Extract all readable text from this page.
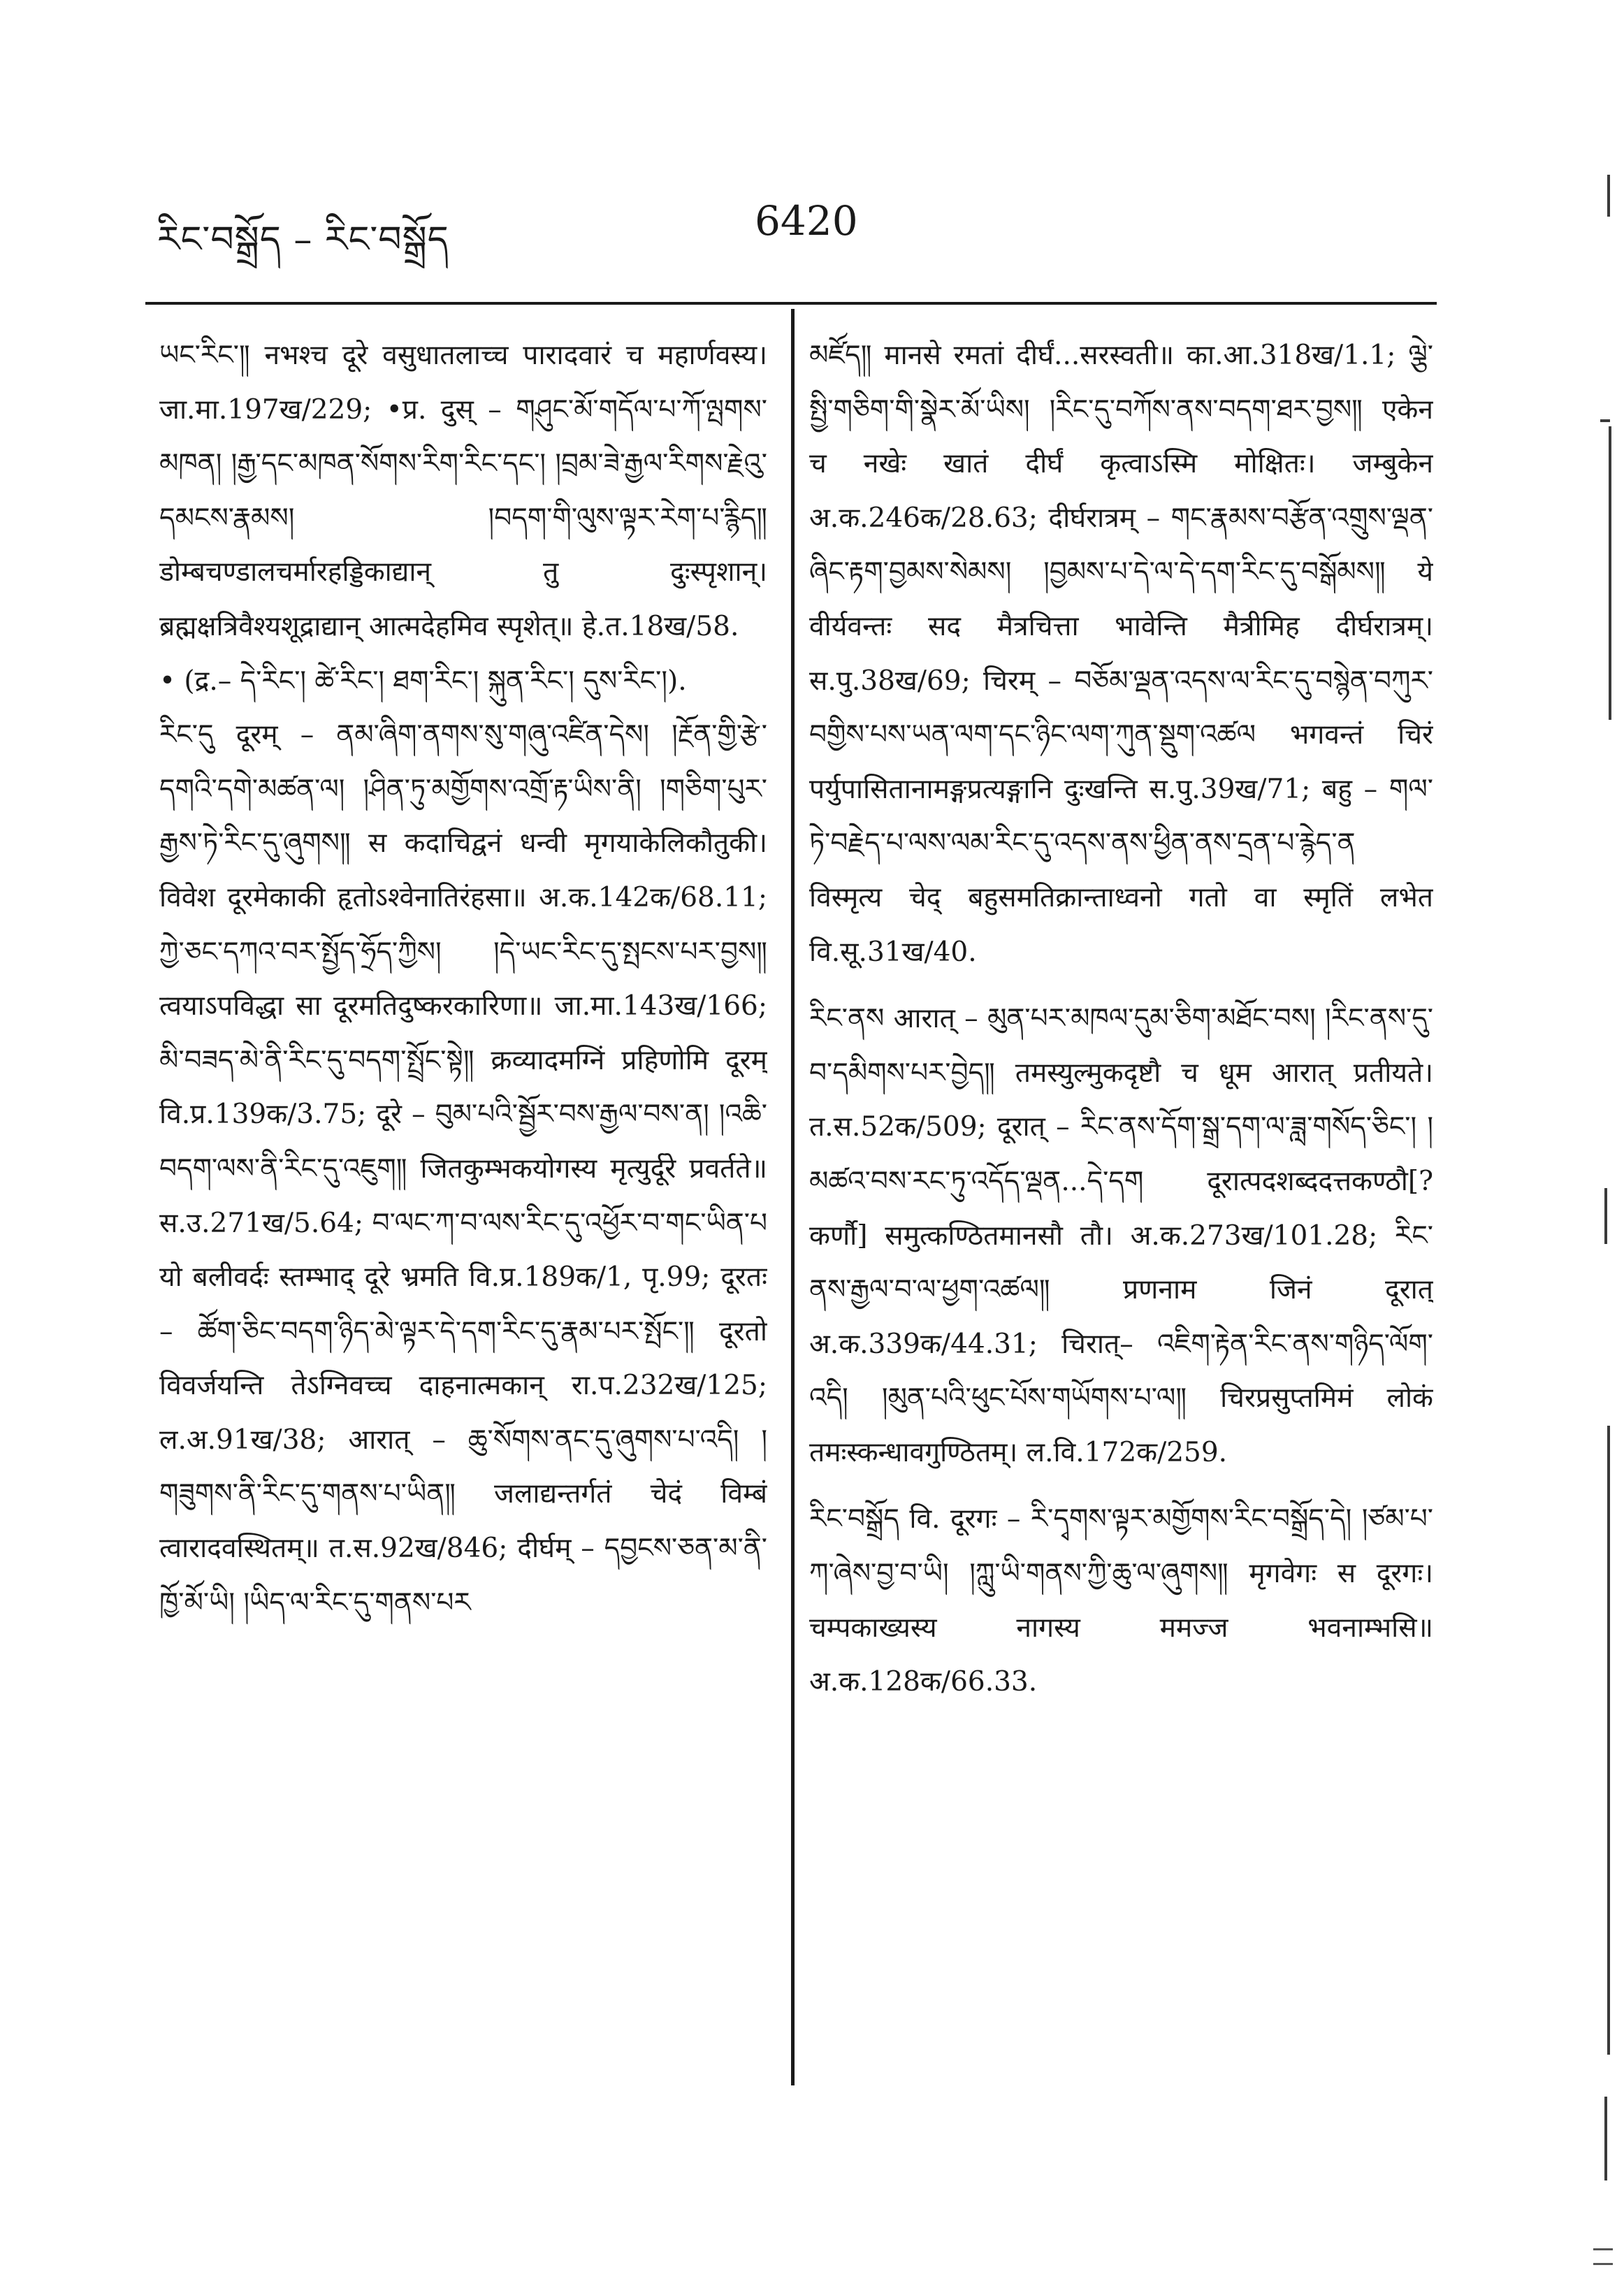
རིང་བསྒྲོད – རིང་བསྒྲོད	6420

ཡང་རིང་༎ नभश्च दूरे वसुधातलाच्च पारादवारं च महार्णवस्य। जा.मा.197ख/229; •प्र. दुस् – གཤུང་མོ་གདོལ་པ་ཀོ་ལྤགས་མཁན། །རྒྱ་དང་མཁན་སོགས་རིག་རིང་དང་། །བྲམ་ཟེ་རྒྱལ་རིགས་རྗེའུ་དམངས་རྣམས། །བདག་གི་ལུས་ལྟར་རེག་པ་རྙིད༎ डोम्बचण्डालचर्मारहड्डिकाद्यान् तु दुःस्पृशान्। ब्रह्मक्षत्रिवैश्यशूद्राद्यान् आत्मदेहमिव स्पृशेत्॥ हे.त.18ख/58.

• (द्र.– དེ་རིང་། ཚེ་རིང་། ཐག་རིང་། སྐུན་རིང་། དུས་རིང་།).

རིང་དུ दूरम् – ནམ་ཞིག་ནགས་སུ་གཞུ་འཛིན་དེས། །རྔོན་གྱི་རྩེ་དགའི་དགེ་མཚན་ལ། །ཤིན་ཏུ་མགྱོགས་འགྲོ་རྟ་ཡིས་ནི། །གཅིག་པུར་རྒྱས་ཏེ་རིང་དུ་ཞུགས༎ स कदाचिद्वनं धन्वी मृगयाकेलिकौतुकी। विवेश दूरमेकाकी हृतोऽश्वेनातिरंहसा॥ अ.क.142क/68.11; ཀྱེ་ཅང་དཀའ་བར་སྤྱོད་ཧྲོད་ཀྱིས། །དེ་ཡང་རིང་དུ་སྤངས་པར་བྱས༎ त्वयाऽपविद्धा सा दूरमतिदुष्करकारिणा॥ जा.मा.143ख/166; མི་བཟད་མེ་ནི་རིང་དུ་བདག་སྤྲོང་སྟེ༎ क्रव्यादमग्निं प्रहिणोमि दूरम् वि.प्र.139क/3.75; दूरे – བུམ་པའི་སྦྱོར་བས་རྒྱལ་བས་ན། །འཆི་བདག་ལས་ནི་རིང་དུ་འཇུག༎ जितकुम्भकयोगस्य मृत्युर्दूरे प्रवर्तते॥ स.उ.271ख/5.64; བ་ལང་ཀ་བ་ལས་རིང་དུ་འཕྱོར་བ་གང་ཡིན་པ यो बलीवर्दः स्तम्भाद् दूरे भ्रमति वि.प्र.189क/1, पृ.99; दूरतः – ཚོག་ཅིང་བདག་ཉིད་མེ་ལྟར་དེ་དག་རིང་དུ་རྣམ་པར་སྤོང་༎ दूरतो विवर्जयन्ति तेऽग्निवच्च दाहनात्मकान् रा.प.232ख/125; ल.अ.91ख/38; आरात् – ཆུ་སོགས་ནང་དུ་ཞུགས་པ་འདི། །གཟུགས་ནི་རིང་དུ་གནས་པ་ཡིན༎ जलाद्यन्तर्गतं चेदं विम्बं त्वारादवस्थितम्॥ त.स.92ख/846; दीर्घम् – དབྱངས་ཅན་མ་ནི་ཁྱོ་མོ་ཡི། །ཡིད་ལ་རིང་དུ་གནས་པར

མཛོད༎ मानसे रमतां दीर्घं...सरस्वती॥ का.आ.318ख/1.1; ལྕེ་སྤྱི་གཅིག་གི་སྣེར་མོ་ཡིས། །རིང་དུ་བཀོས་ནས་བདག་ཐར་བྱས༎ एकेन च नखेः खातं दीर्घं कृत्वाऽस्मि मोक्षितः। जम्बुकेन अ.क.246क/28.63; दीर्घरात्रम् – གང་རྣམས་བརྩོན་འགྲུས་ལྡན་ཞིང་རྟག་བྱམས་སེམས། །བྱམས་པ་དེ་ལ་དེ་དག་རིང་དུ་བསྒོམས༎ ये वीर्यवन्तः सद मैत्रचित्ता भावेन्ति मैत्रीमिह दीर्घरात्रम्। स.पु.38ख/69; चिरम् – བཅོམ་ལྡན་འདས་ལ་རིང་དུ་བསྙེན་བཀུར་བགྱིས་པས་ཡན་ལག་དང་ཉིང་ལག་ཀུན་སྡུག་འཚལ भगवन्तं चिरं पर्युपासितानामङ्गप्रत्यङ्गानि दुःखन्ति स.पु.39ख/71; बहु – གལ་ཏེ་བརྗེད་པ་ལས་ལམ་རིང་དུ་འདས་ནས་ཕྱིན་ནས་དྲན་པ་རྙེད་ན विस्मृत्य चेद् बहुसमतिक्रान्ताध्वनो गतो वा स्मृतिं लभेत वि.सू.31ख/40.

རིང་ནས आरात् – མུན་པར་མཁལ་དུམ་ཅིག་མཐོང་བས། །རིང་ནས་དུ་བ་དམིགས་པར་བྱེད༎ तमस्युल्मुकदृष्टौ च धूम आरात् प्रतीयते। त.स.52क/509; दूरात् – རིང་ནས་དོག་སྒྲ་དག་ལ་ཟླ་གསོད་ཅིང་། །མཚའ་བས་རང་ཏུ་འདོད་ལྡན...དེ་དག दूरात्पदशब्ददत्तकण्ठौ[? कर्णौ] समुत्कण्ठितमानसौ तौ। अ.क.273ख/101.28; རིང་ནས་རྒྱལ་བ་ལ་ཕྱག་འཚལ༎ प्रणनाम जिनं दूरात् अ.क.339क/44.31; चिरात्– འཇིག་རྟེན་རིང་ནས་གཉིད་ལོག་འདི། །མུན་པའི་ཕུང་པོས་གཡོགས་པ་ལ༎ चिरप्रसुप्तमिमं लोकं तमःस्कन्धावगुण्ठितम्। ल.वि.172क/259.

རིང་བསྒྲོད वि. दूरगः – རི་དྭགས་ལྟར་མགྱོགས་རིང་བསྒྲོད་དེ། །ཙམ་པ་ཀ་ཞེས་བྱ་བ་ཡི། །ཀླུ་ཡི་གནས་ཀྱི་ཆུ་ལ་ཞུགས༎ मृगवेगः स दूरगः। चम्पकाख्यस्य नागस्य ममज्ज भवनाम्भसि॥ अ.क.128क/66.33.
